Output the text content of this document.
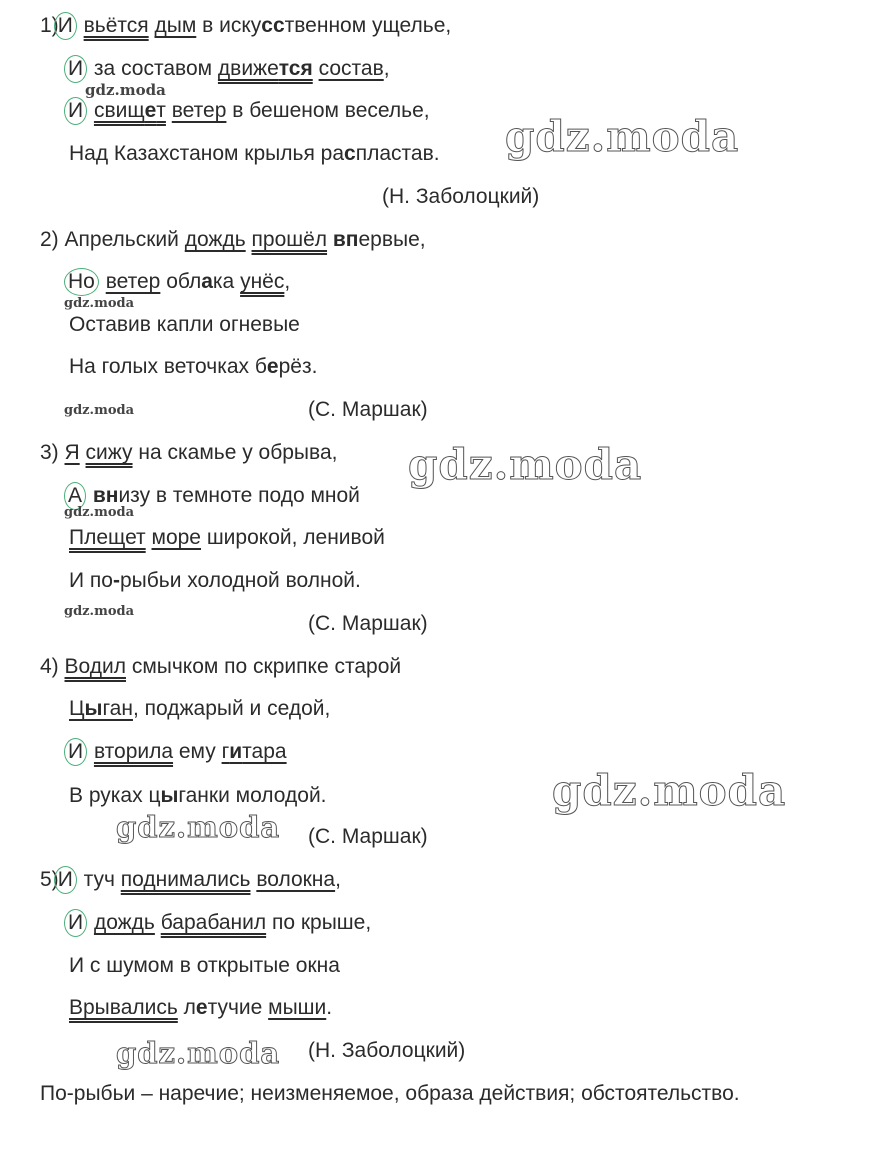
1)И вьётся дым в искусственном ущелье,
И за составом движется состав,
И свищет ветер в бешеном веселье,
Над Казахстаном крылья распластав.
2) Апрельский дождь прошёл впервые,
Но ветер облака унёс,
Оставив капли огневые
На голых веточках берёз.
3) Я сижу на скамье у обрыва,
А внизу в темноте подо мной
Плещет море широкой, ленивой
И по-рыбьи холодной волной.
4) Водил смычком по скрипке старой
Цыган, поджарый и седой,
И вторила ему гитара
В руках цыганки молодой.
5)И туч поднимались волокна,
И дождь барабанил по крыше,
И с шумом в открытые окна
Врывались летучие мыши.
По-рыбьи – наречие; неизменяемое, образа действия; обстоятельство.
(Н. Заболоцкий)
(С. Маршак)
(С. Маршак)
(С. Маршак)
(Н. Заболоцкий)
gdz.moda
gdz.moda
gdz.moda
gdz.moda
gdz.moda
gdz.moda
gdz.moda
gdz.moda
gdz.moda
gdz.moda
